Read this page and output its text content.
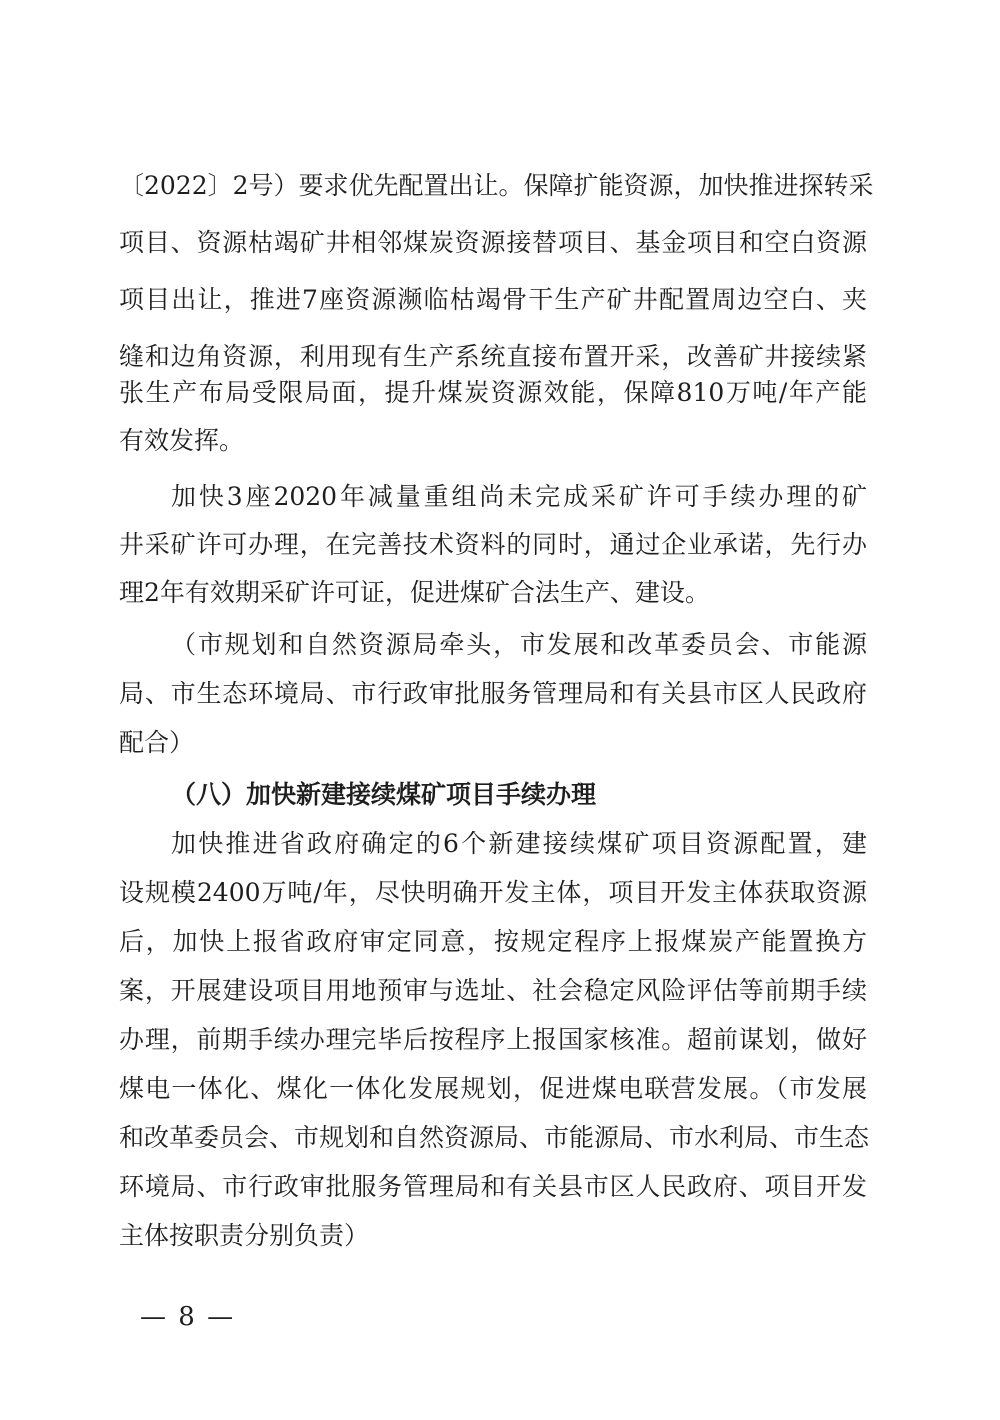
〔2022〕2号）要求优先配置出让。保障扩能资源，加快推进探转采
项目、资源枯竭矿井相邻煤炭资源接替项目、基金项目和空白资源
项目出让，推进7座资源濒临枯竭骨干生产矿井配置周边空白、夹
缝和边角资源，利用现有生产系统直接布置开采，改善矿井接续紧
张生产布局受限局面，提升煤炭资源效能，保障810万吨/年产能
有效发挥。
加快3座2020年减量重组尚未完成采矿许可手续办理的矿
井采矿许可办理，在完善技术资料的同时，通过企业承诺，先行办
理2年有效期采矿许可证，促进煤矿合法生产、建设。
（市规划和自然资源局牵头，市发展和改革委员会、市能源
局、市生态环境局、市行政审批服务管理局和有关县市区人民政府
配合）
（八）加快新建接续煤矿项目手续办理
加快推进省政府确定的6个新建接续煤矿项目资源配置，建
设规模2400万吨/年，尽快明确开发主体，项目开发主体获取资源
后，加快上报省政府审定同意，按规定程序上报煤炭产能置换方
案，开展建设项目用地预审与选址、社会稳定风险评估等前期手续
办理，前期手续办理完毕后按程序上报国家核准。超前谋划，做好
煤电一体化、煤化一体化发展规划，促进煤电联营发展。（市发展
和改革委员会、市规划和自然资源局、市能源局、市水利局、市生态
环境局、市行政审批服务管理局和有关县市区人民政府、项目开发
主体按职责分别负责）
— 8 —
